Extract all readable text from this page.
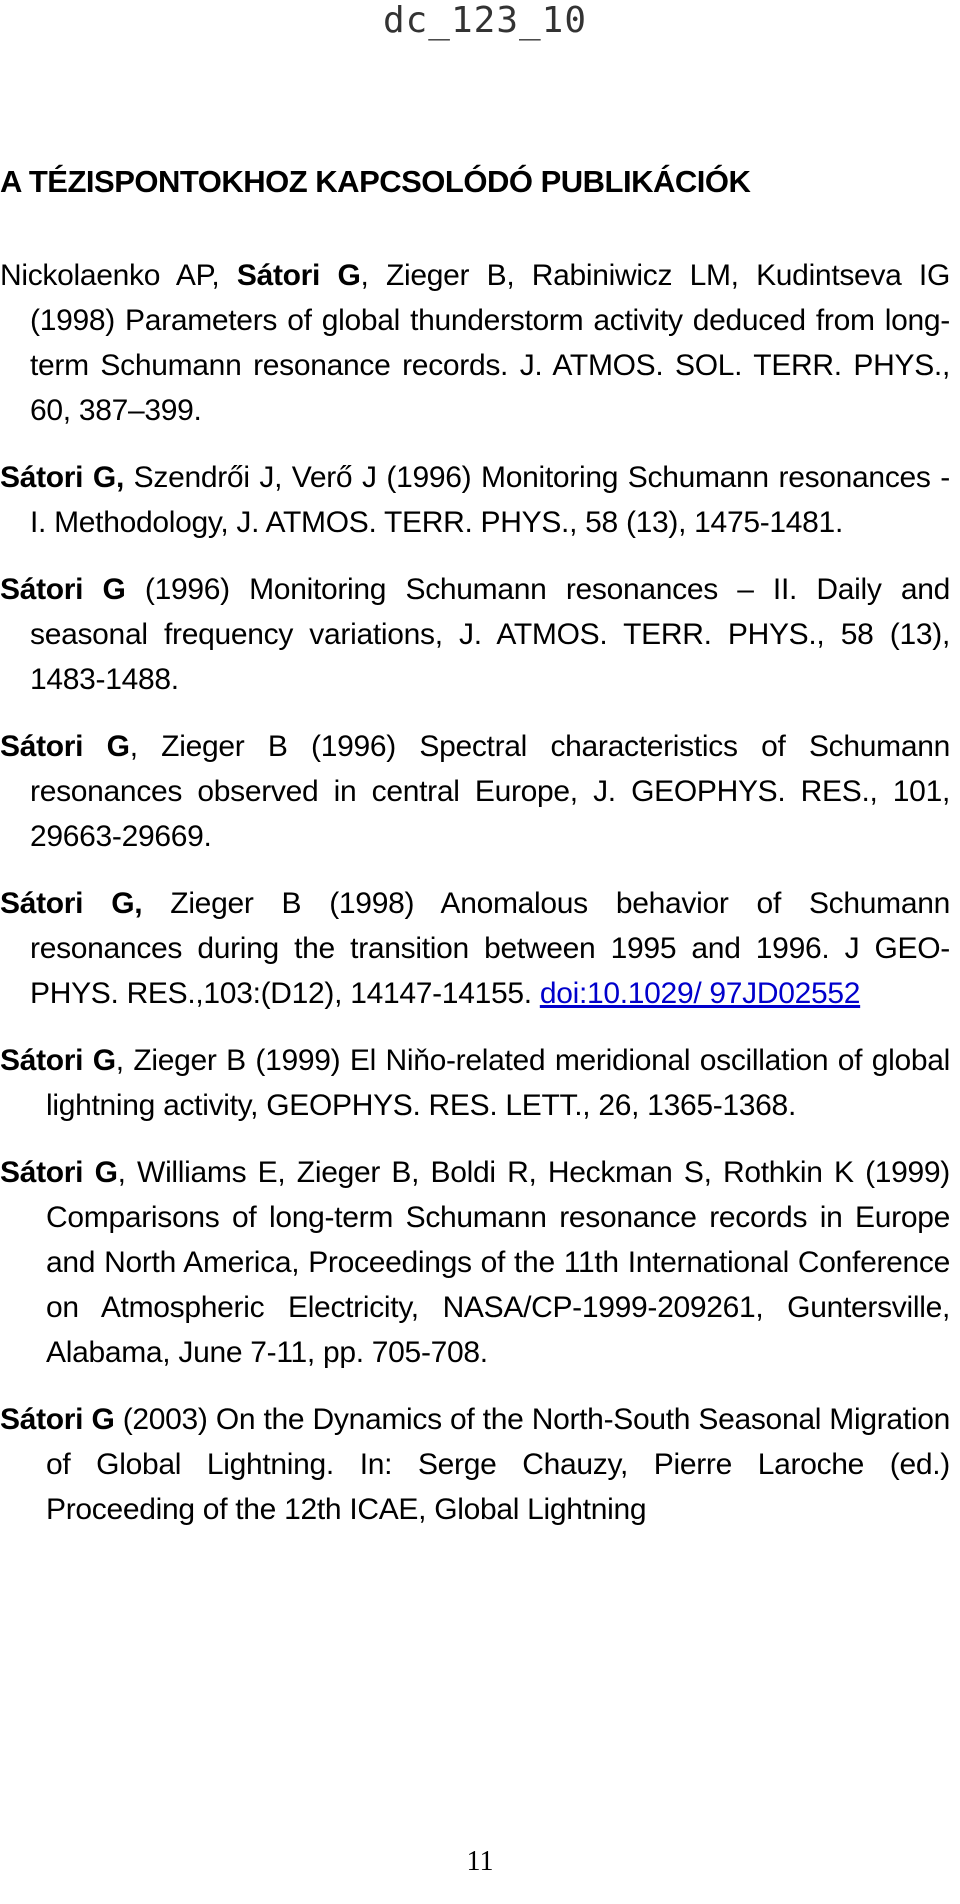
dc_123_10
A TÉZISPONTOKHOZ KAPCSOLÓDÓ PUBLIKÁCIÓK
Nickolaenko AP, Sátori G, Zieger B, Rabiniwicz LM, Kudintseva IG (1998) Parameters of global thunderstorm activity deduced from long-term Schumann resonance records. J. ATMOS. SOL. TERR. PHYS., 60, 387–399.
Sátori G, Szendrői J, Verő J (1996) Monitoring Schumann resonances - I. Methodology, J. ATMOS. TERR. PHYS., 58 (13), 1475-1481.
Sátori G (1996) Monitoring Schumann resonances – II. Daily and seasonal frequency variations, J. ATMOS. TERR. PHYS., 58 (13), 1483-1488.
Sátori G, Zieger B (1996) Spectral characteristics of Schumann resonances observed in central Europe, J. GEOPHYS. RES., 101, 29663-29669.
Sátori G, Zieger B (1998) Anomalous behavior of Schumann resonances during the transition between 1995 and 1996. J GEO-PHYS. RES.,103:(D12), 14147-14155. doi:10.1029/ 97JD02552
Sátori G, Zieger B (1999) El Niňo-related meridional oscillation of global lightning activity, GEOPHYS. RES. LETT., 26, 1365-1368.
Sátori G, Williams E, Zieger B, Boldi R, Heckman S, Rothkin K (1999) Comparisons of long-term Schumann resonance records in Europe and North America, Proceedings of the 11th International Conference on Atmospheric Electricity, NASA/CP-1999-209261, Guntersville, Alabama, June 7-11, pp. 705-708.
Sátori G (2003) On the Dynamics of the North-South Seasonal Migration of Global Lightning. In: Serge Chauzy, Pierre Laroche (ed.) Proceeding of the 12th ICAE, Global Lightning
11
